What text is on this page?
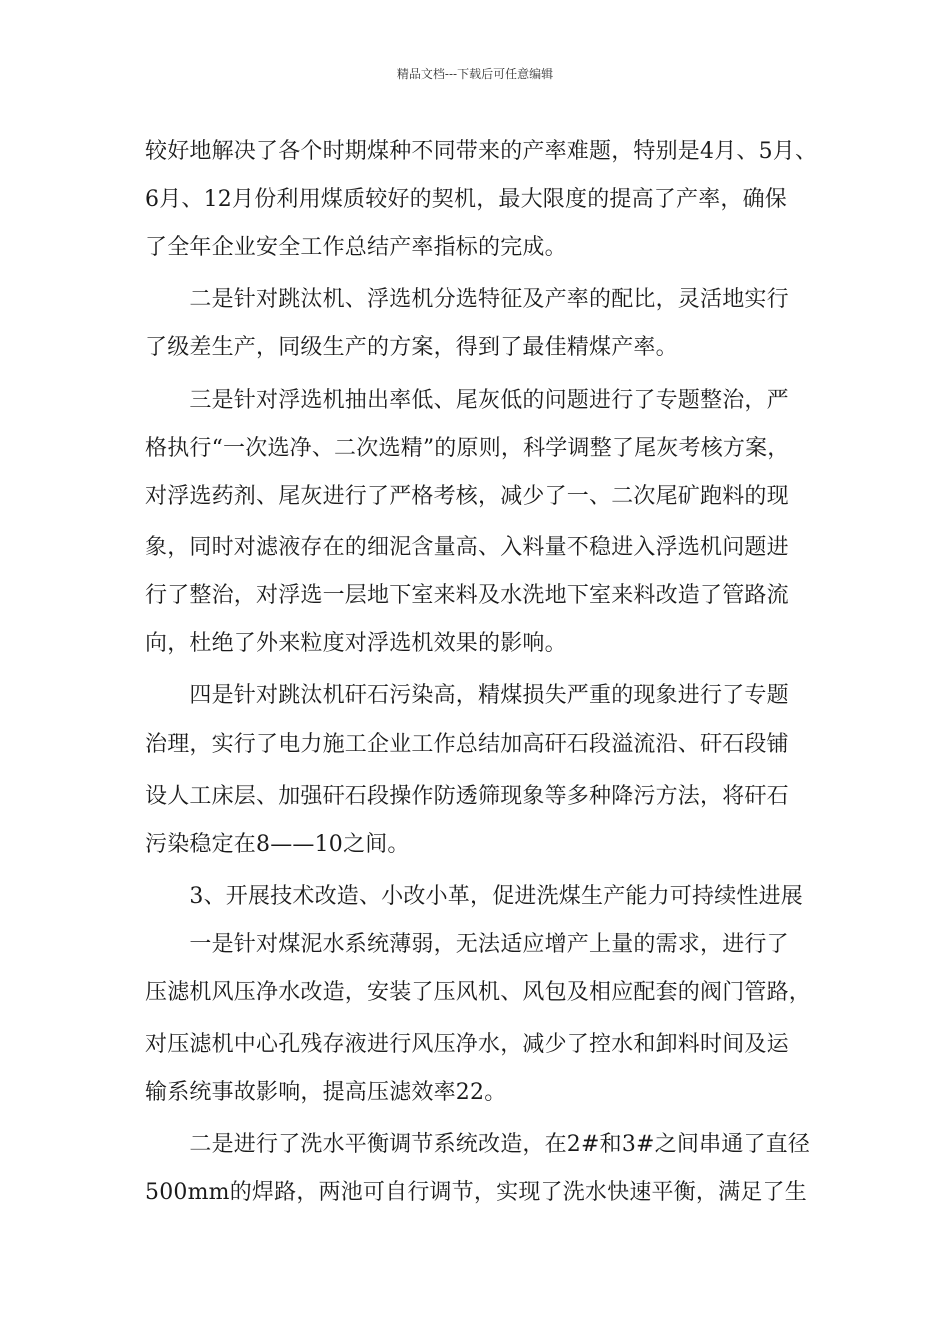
精品文档---下载后可任意编辑
较好地解决了各个时期煤种不同带来的产率难题，特别是4月、5月、
6月、12月份利用煤质较好的契机，最大限度的提高了产率，确保
了全年企业安全工作总结产率指标的完成。
　　二是针对跳汰机、浮选机分选特征及产率的配比，灵活地实行
了级差生产，同级生产的方案，得到了最佳精煤产率。
　　三是针对浮选机抽出率低、尾灰低的问题进行了专题整治，严
格执行“一次选净、二次选精”的原则，科学调整了尾灰考核方案，
对浮选药剂、尾灰进行了严格考核，减少了一、二次尾矿跑料的现
象，同时对滤液存在的细泥含量高、入料量不稳进入浮选机问题进
行了整治，对浮选一层地下室来料及水洗地下室来料改造了管路流
向，杜绝了外来粒度对浮选机效果的影响。
　　四是针对跳汰机矸石污染高，精煤损失严重的现象进行了专题
治理，实行了电力施工企业工作总结加高矸石段溢流沿、矸石段铺
设人工床层、加强矸石段操作防透筛现象等多种降污方法，将矸石
污染稳定在8——10之间。
　　3、开展技术改造、小改小革，促进洗煤生产能力可持续性进展
　　一是针对煤泥水系统薄弱，无法适应增产上量的需求，进行了
压滤机风压净水改造，安装了压风机、风包及相应配套的阀门管路，
对压滤机中心孔残存液进行风压净水，减少了控水和卸料时间及运
输系统事故影响，提高压滤效率22。
　　二是进行了洗水平衡调节系统改造，在2#和3#之间串通了直径
500mm的焊路，两池可自行调节，实现了洗水快速平衡，满足了生
